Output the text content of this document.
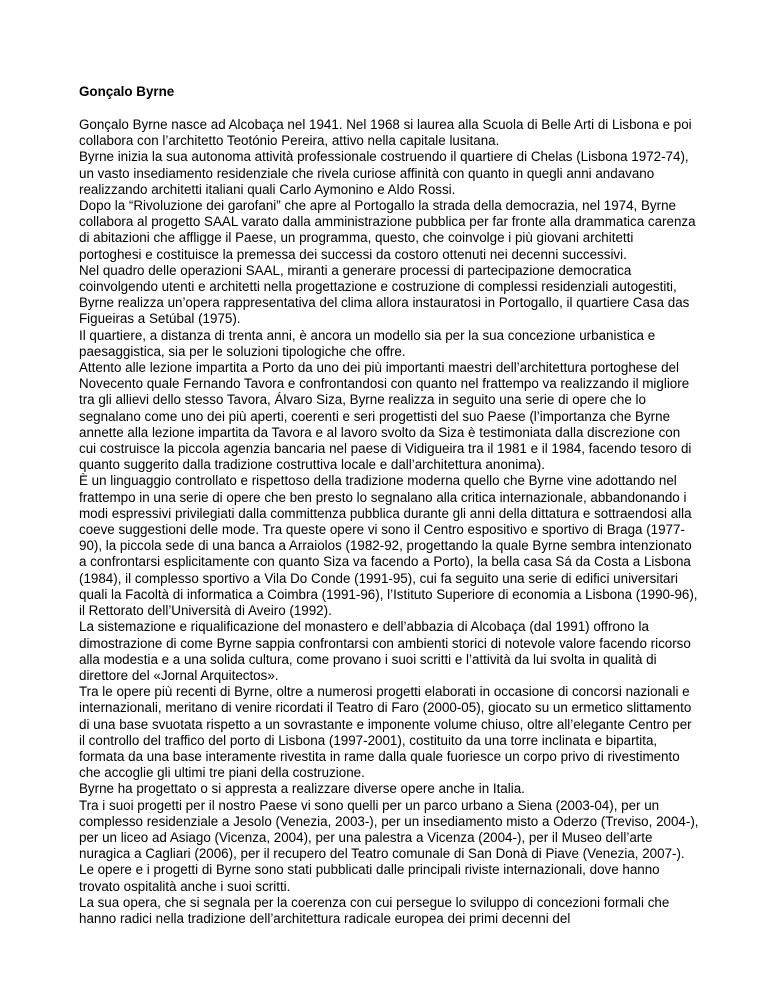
Gonçalo Byrne

Gonçalo Byrne nasce ad Alcobaça nel 1941. Nel 1968 si laurea alla Scuola di Belle Arti di Lisbona e poi collabora con l’architetto Teotónio Pereira, attivo nella capitale lusitana.

Byrne inizia la sua autonoma attività professionale costruendo il quartiere di Chelas (Lisbona 1972-74), un vasto insediamento residenziale che rivela curiose affinità con quanto in quegli anni andavano realizzando architetti italiani quali Carlo Aymonino e Aldo Rossi.

Dopo la “Rivoluzione dei garofani” che apre al Portogallo la strada della democrazia, nel 1974, Byrne collabora al progetto SAAL varato dalla amministrazione pubblica per far fronte alla drammatica carenza di abitazioni che affligge il Paese, un programma, questo, che coinvolge i più giovani architetti portoghesi e costituisce la premessa dei successi da costoro ottenuti nei decenni successivi.

Nel quadro delle operazioni SAAL, miranti a generare processi di partecipazione democratica coinvolgendo utenti e architetti nella progettazione e costruzione di complessi residenziali autogestiti, Byrne realizza un’opera rappresentativa del clima allora instauratosi in Portogallo, il quartiere Casa das Figueiras a Setúbal (1975).

Il quartiere, a distanza di trenta anni, è ancora un modello sia per la sua concezione urbanistica e paesaggistica, sia per le soluzioni tipologiche che offre.

Attento alle lezione impartita a Porto da uno dei più importanti maestri dell’architettura portoghese del Novecento quale Fernando Tavora e confrontandosi con quanto nel frattempo va realizzando il migliore tra gli allievi dello stesso Tavora, Álvaro Siza, Byrne realizza in seguito una serie di opere che lo segnalano come uno dei più aperti, coerenti e seri progettisti del suo Paese (l’importanza che Byrne annette alla lezione impartita da Tavora e al lavoro svolto da Siza è testimoniata dalla discrezione con cui costruisce la piccola agenzia bancaria nel paese di Vidigueira tra il 1981 e il 1984, facendo tesoro di quanto suggerito dalla tradizione costruttiva locale e dall’architettura anonima).

È un linguaggio controllato e rispettoso della tradizione moderna quello che Byrne vine adottando nel frattempo in una serie di opere che ben presto lo segnalano alla critica internazionale, abbandonando i modi espressivi privilegiati dalla committenza pubblica durante gli anni della dittatura e sottraendosi alla coeve suggestioni delle mode. Tra queste opere vi sono il Centro espositivo e sportivo di Braga (1977-90), la piccola sede di una banca a Arraiolos (1982-92, progettando la quale Byrne sembra intenzionato a confrontarsi esplicitamente con quanto Siza va facendo a Porto), la bella casa Sá da Costa a Lisbona (1984), il complesso sportivo a Vila Do Conde (1991-95), cui fa seguito una serie di edifici universitari quali la Facoltà di informatica a Coimbra (1991-96), l’Istituto Superiore di economia a Lisbona (1990-96), il Rettorato dell’Università di Aveiro (1992).

La sistemazione e riqualificazione del monastero e dell’abbazia di Alcobaça (dal 1991) offrono la dimostrazione di come Byrne sappia confrontarsi con ambienti storici di notevole valore facendo ricorso alla modestia e a una solida cultura, come provano i suoi scritti e l’attività da lui svolta in qualità di direttore del «Jornal Arquitectos».

Tra le opere più recenti di Byrne, oltre a numerosi progetti elaborati in occasione di concorsi nazionali e internazionali, meritano di venire ricordati il Teatro di Faro (2000-05), giocato su un ermetico slittamento di una base svuotata rispetto a un sovrastante e imponente volume chiuso, oltre all’elegante Centro per il controllo del traffico del porto di Lisbona (1997-2001), costituito da una torre inclinata e bipartita, formata da una base interamente rivestita in rame dalla quale fuoriesce un corpo privo di rivestimento che accoglie gli ultimi tre piani della costruzione.

Byrne ha progettato o si appresta a realizzare diverse opere anche in Italia.

Tra i suoi progetti per il nostro Paese vi sono quelli per un parco urbano a Siena (2003-04), per un complesso residenziale a Jesolo (Venezia, 2003-), per un insediamento misto a Oderzo (Treviso, 2004-), per un liceo ad Asiago (Vicenza, 2004), per una palestra a Vicenza (2004-), per il Museo dell’arte nuragica a Cagliari (2006), per il recupero del Teatro comunale di San Donà di Piave (Venezia, 2007-).

Le opere e i progetti di Byrne sono stati pubblicati dalle principali riviste internazionali, dove hanno trovato ospitalità anche i suoi scritti.

La sua opera, che si segnala per la coerenza con cui persegue lo sviluppo di concezioni formali che hanno radici nella tradizione dell’architettura radicale europea dei primi decenni del
